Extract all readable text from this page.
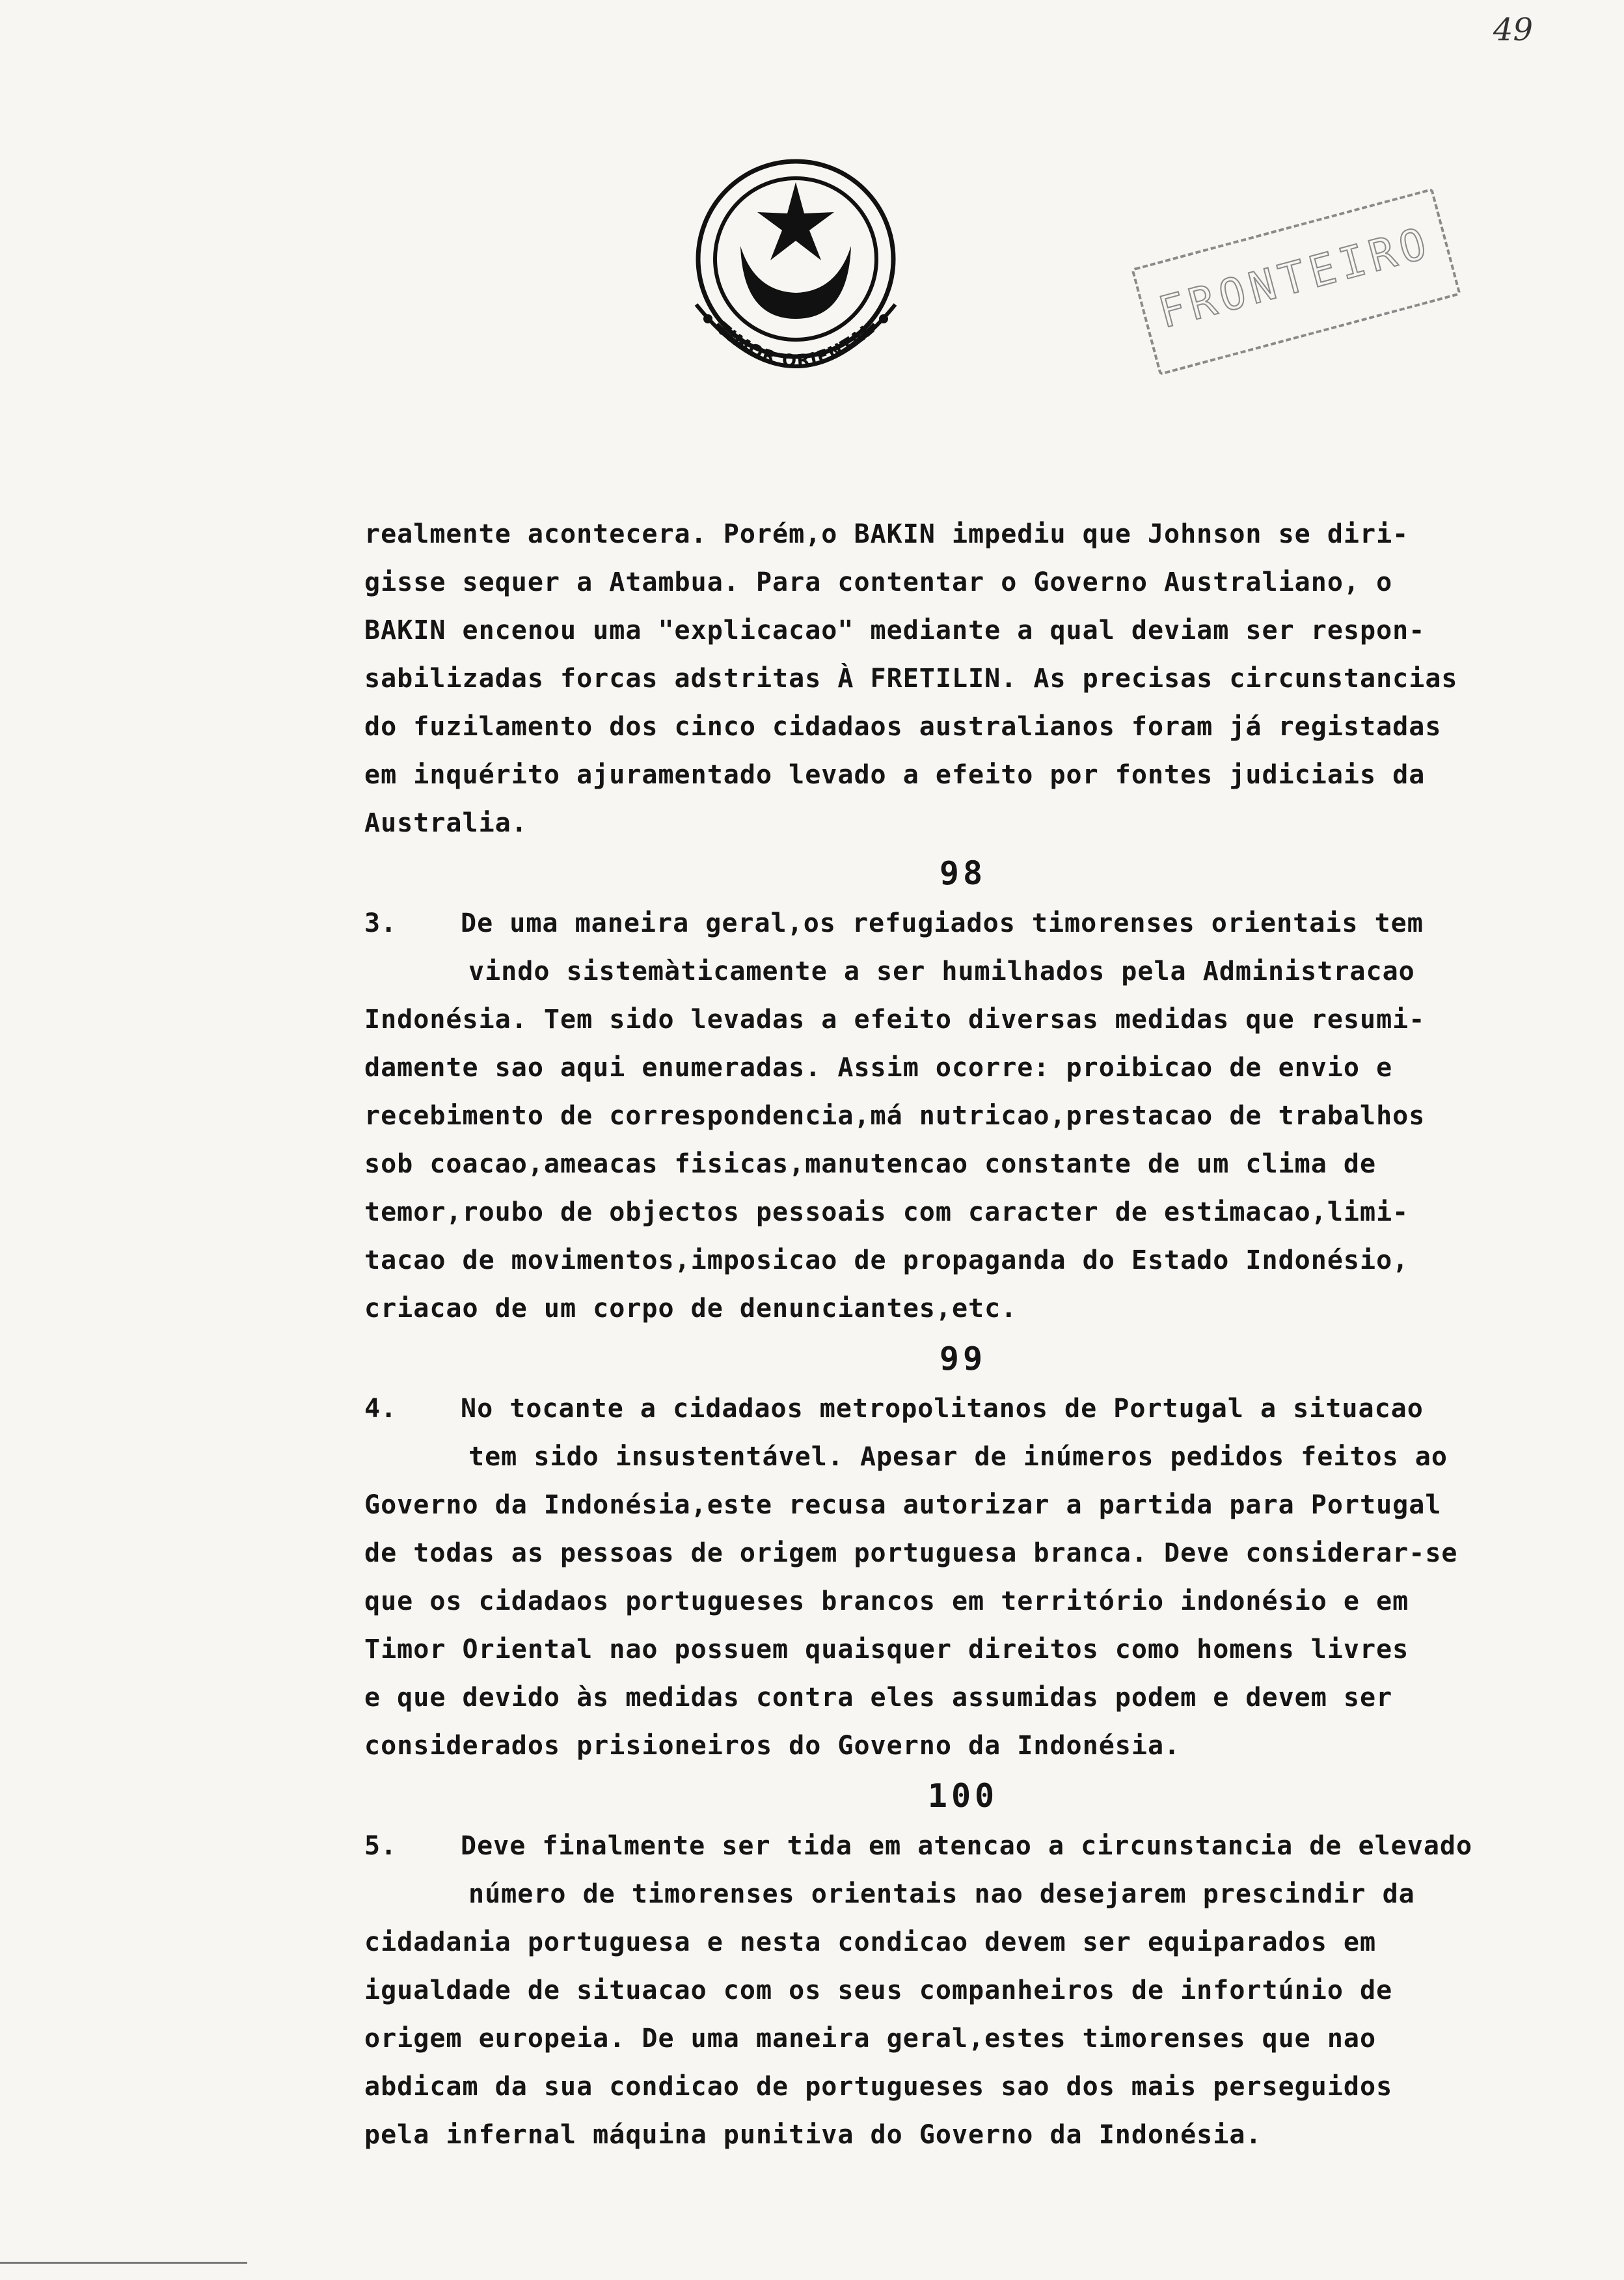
49
TIMOR ORIENTAL	FRONTEIRO

realmente acontecera. Porém,o BAKIN impediu que Johnson se diri-
gisse sequer a Atambua. Para contentar o Governo Australiano, o
BAKIN encenou uma "explicacao" mediante a qual deviam ser respon-
sabilizadas forcas adstritas À FRETILIN. As precisas circunstancias
do fuzilamento dos cinco cidadaos australianos foram já registadas
em inquérito ajuramentado levado a efeito por fontes judiciais da
Australia.

98

3. De uma maneira geral,os refugiados timorenses orientais tem
vindo sistemàticamente a ser humilhados pela Administracao

Indonésia. Tem sido levadas a efeito diversas medidas que resumi-
damente sao aqui enumeradas. Assim ocorre: proibicao de envio e
recebimento de correspondencia,má nutricao,prestacao de trabalhos
sob coacao,ameacas fisicas,manutencao constante de um clima de
temor,roubo de objectos pessoais com caracter de estimacao,limi-
tacao de movimentos,imposicao de propaganda do Estado Indonésio,
criacao de um corpo de denunciantes,etc.

99

4. No tocante a cidadaos metropolitanos de Portugal a situacao
tem sido insustentável. Apesar de inúmeros pedidos feitos ao

Governo da Indonésia,este recusa autorizar a partida para Portugal
de todas as pessoas de origem portuguesa branca. Deve considerar-se
que os cidadaos portugueses brancos em território indonésio e em
Timor Oriental nao possuem quaisquer direitos como homens livres
e que devido às medidas contra eles assumidas podem e devem ser
considerados prisioneiros do Governo da Indonésia.

100

5. Deve finalmente ser tida em atencao a circunstancia de elevado
número de timorenses orientais nao desejarem prescindir da

cidadania portuguesa e nesta condicao devem ser equiparados em
igualdade de situacao com os seus companheiros de infortúnio de
origem europeia. De uma maneira geral,estes timorenses que nao
abdicam da sua condicao de portugueses sao dos mais perseguidos
pela infernal máquina punitiva do Governo da Indonésia.
